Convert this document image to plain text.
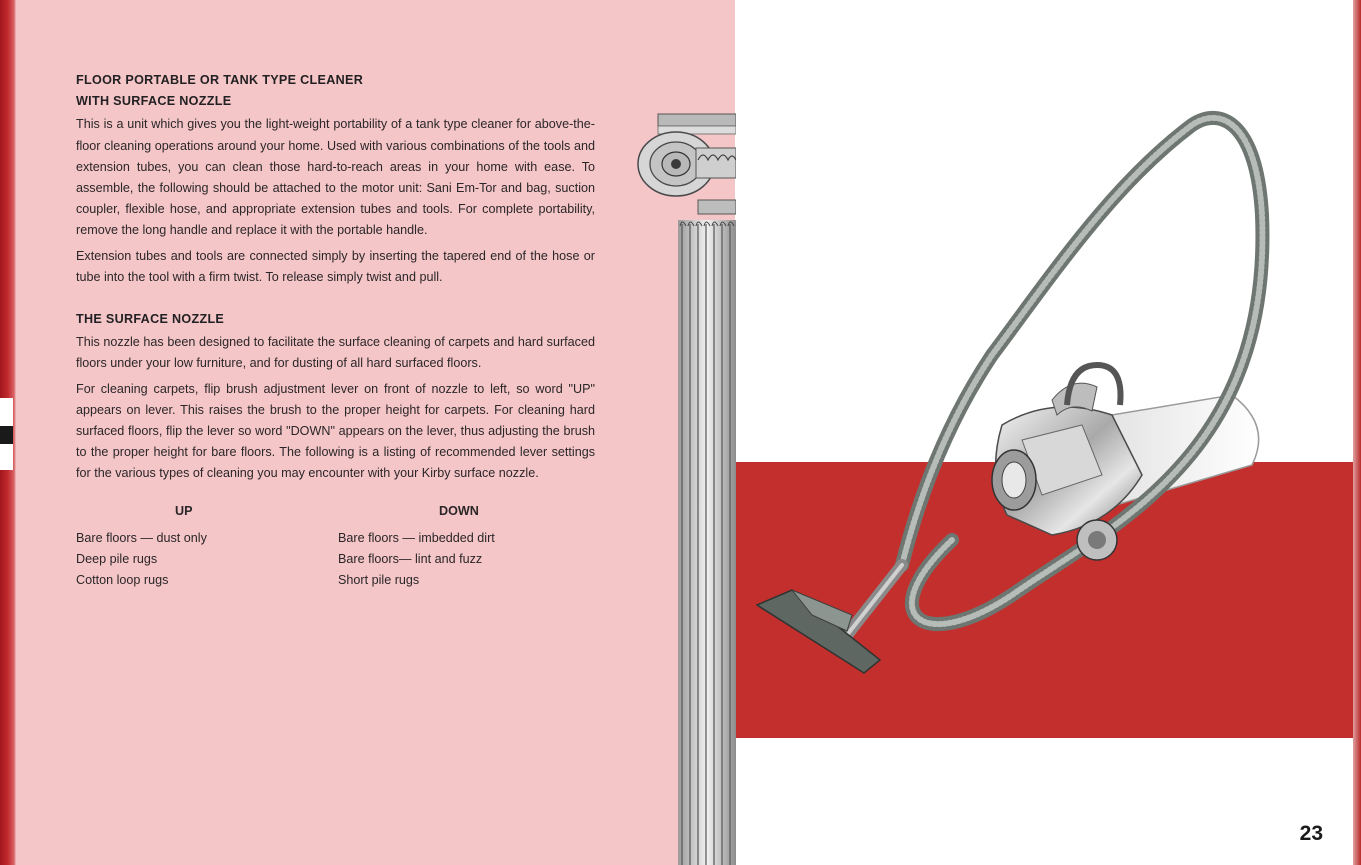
FLOOR PORTABLE OR TANK TYPE CLEANER

WITH SURFACE NOZZLE

This is a unit which gives you the light-weight portability of a tank type cleaner for above-the-floor cleaning operations around your home. Used with various combinations of the tools and extension tubes, you can clean those hard-to-reach areas in your home with ease. To assemble, the following should be attached to the motor unit: Sani Em-Tor and bag, suction coupler, flexible hose, and appropriate extension tubes and tools. For complete portability, remove the long handle and replace it with the portable handle.

Extension tubes and tools are connected simply by inserting the tapered end of the hose or tube into the tool with a firm twist. To release simply twist and pull.

THE SURFACE NOZZLE

This nozzle has been designed to facilitate the surface cleaning of carpets and hard surfaced floors under your low furniture, and for dusting of all hard surfaced floors.

For cleaning carpets, flip brush adjustment lever on front of nozzle to left, so word "UP" appears on lever. This raises the brush to the proper height for carpets. For cleaning hard surfaced floors, flip the lever so word "DOWN" appears on the lever, thus adjusting the brush to the proper height for bare floors. The following is a listing of recommended lever settings for the various types of cleaning you may encounter with your Kirby surface nozzle.

UP
Bare floors — dust only
Deep pile rugs
Cotton loop rugs
DOWN
Bare floors — imbedded dirt
Bare floors— lint and fuzz
Short pile rugs
23
